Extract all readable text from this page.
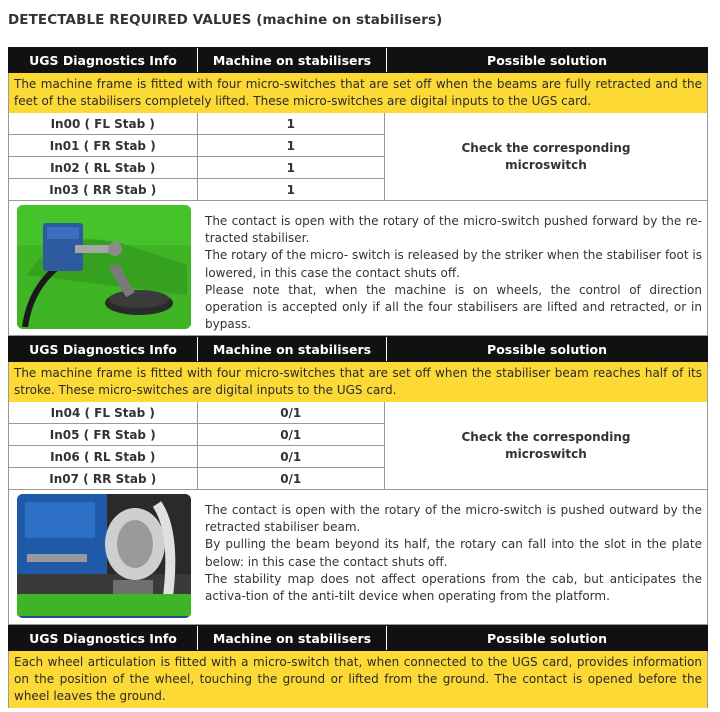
DETECTABLE REQUIRED VALUES (machine on stabilisers)
UGS Diagnostics Info	Machine on stabilisers	Possible solution
The machine frame is fitted with four micro-switches that are set off when the beams are fully retracted and the feet of the stabilisers completely lifted. These micro-switches are digital inputs to the UGS card.
In00 ( FL Stab )	1
In01 ( FR Stab )	1
In02 ( RL Stab )	1
In03 ( RR Stab )	1
Check the corresponding microswitch

The contact is open with the rotary of the micro-switch pushed forward by the re-tracted stabiliser.

The rotary of the micro- switch is released by the striker when the stabiliser foot is lowered, in this case the contact shuts off.

Please note that, when the machine is on wheels, the control of direction operation is accepted only if all the four stabilisers are lifted and retracted, or in bypass.

UGS Diagnostics Info	Machine on stabilisers	Possible solution
The machine frame is fitted with four micro-switches that are set off when the stabiliser beam reaches half of its stroke. These micro-switches are digital inputs to the UGS card.
In04 ( FL Stab )	0/1
In05 ( FR Stab )	0/1
In06 ( RL Stab )	0/1
In07 ( RR Stab )	0/1
Check the corresponding microswitch

The contact is open with the rotary of the micro-switch is pushed outward by the retracted stabiliser beam.

By pulling the beam beyond its half, the rotary can fall into the slot in the plate below: in this case the contact shuts off.

The stability map does not affect operations from the cab, but anticipates the activa-tion of the anti-tilt device when operating from the platform.

UGS Diagnostics Info	Machine on stabilisers	Possible solution
Each wheel articulation is fitted with a micro-switch that, when connected to the UGS card, provides information on the position of the wheel, touching the ground or lifted from the ground. The contact is opened before the wheel leaves the ground.
